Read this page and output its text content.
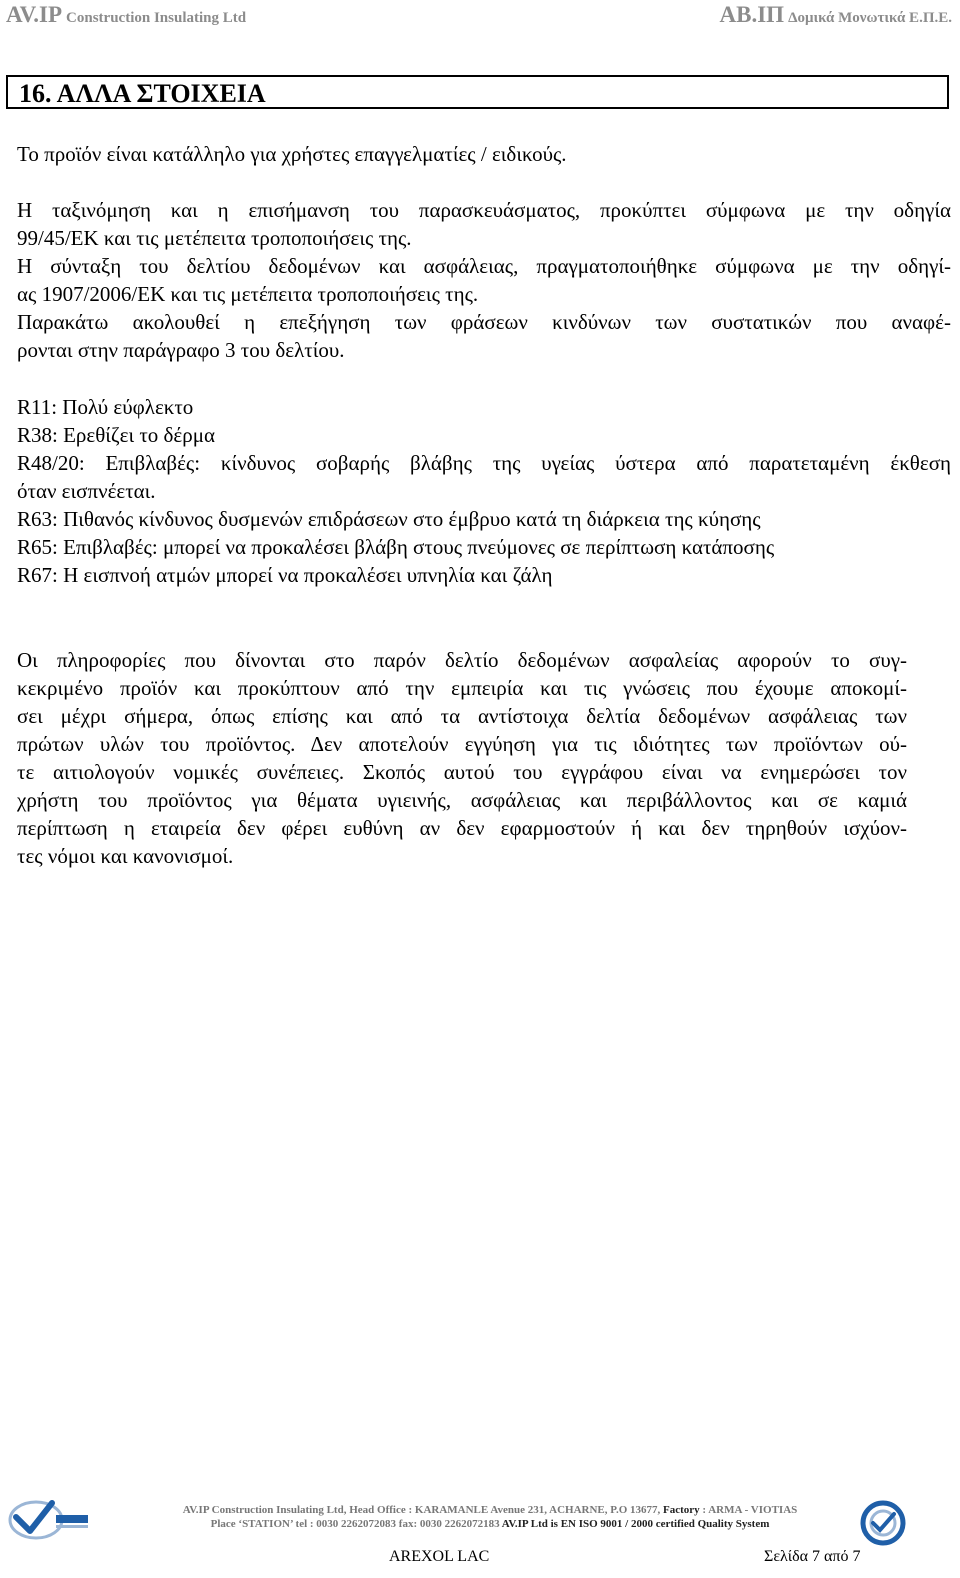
AV.IP Construction Insulating Ltd	AB.ΙΠ Δομικά Μονωτικά Ε.Π.Ε.
16. ΑΛΛΑ ΣΤΟΙΧΕΙΑ
Το προϊόν είναι κατάλληλο για χρήστες επαγγελματίες / ειδικούς.
Η ταξινόμηση και η επισήμανση του παρασκευάσματος, προκύπτει σύμφωνα με την οδηγία
99/45/ΕΚ και τις μετέπειτα τροποποιήσεις της.
Η σύνταξη του δελτίου δεδομένων και ασφάλειας, πραγματοποιήθηκε σύμφωνα με την οδηγί-
ας 1907/2006/ΕΚ και τις μετέπειτα τροποποιήσεις της.
Παρακάτω ακολουθεί η επεξήγηση των φράσεων κινδύνων των συστατικών που αναφέ-
ρονται στην παράγραφο 3 του δελτίου.
R11: Πολύ εύφλεκτο
R38: Ερεθίζει το δέρμα
R48/20: Επιβλαβές: κίνδυνος σοβαρής βλάβης της υγείας ύστερα από παρατεταμένη έκθεση
όταν εισπνέεται.
R63: Πιθανός κίνδυνος δυσμενών επιδράσεων στο έμβρυο κατά τη διάρκεια της κύησης
R65: Επιβλαβές: μπορεί να προκαλέσει βλάβη στους πνεύμονες σε περίπτωση κατάποσης
R67: Η εισπνοή ατμών μπορεί να προκαλέσει υπνηλία και ζάλη
Οι πληροφορίες που δίνονται στο παρόν δελτίο δεδομένων ασφαλείας αφορούν το συγ-
κεκριμένο προϊόν και προκύπτουν από την εμπειρία και τις γνώσεις που έχουμε αποκομί-
σει μέχρι σήμερα, όπως επίσης και από τα αντίστοιχα δελτία δεδομένων ασφάλειας των
πρώτων υλών του προϊόντος. Δεν αποτελούν εγγύηση για τις ιδιότητες των προϊόντων ού-
τε αιτιολογούν νομικές συνέπειες. Σκοπός αυτού του εγγράφου είναι να ενημερώσει τον
χρήστη του προϊόντος για θέματα υγιεινής, ασφάλειας και περιβάλλοντος και σε καμιά
περίπτωση η εταιρεία δεν φέρει ευθύνη αν δεν εφαρμοστούν ή και δεν τηρηθούν ισχύον-
τες νόμοι και κανονισμοί.
AV.IP Construction Insulating Ltd, Head Office : KARAMANLE Avenue 231, ACHARNE, P.O 13677, Factory : ARMA - VIOTIAS
Place ‘STATION’ tel : 0030 2262072083 fax: 0030 2262072183 AV.IP Ltd is EN ISO 9001 / 2000 certified Quality System
AREXOL LAC	Σελίδα 7 από 7
